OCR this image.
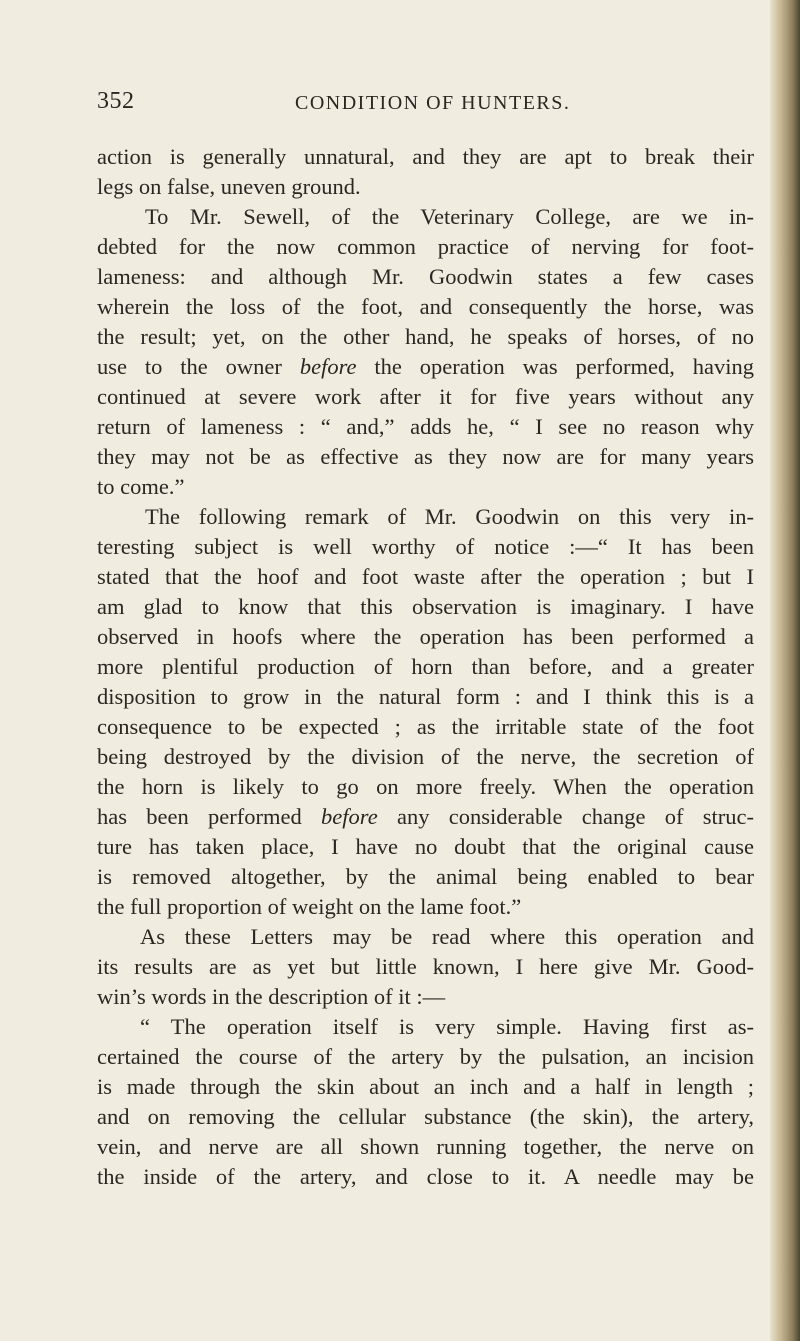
352	CONDITION OF HUNTERS.
action is generally unnatural, and they are apt to break their
legs on false, uneven ground.
To Mr. Sewell, of the Veterinary College, are we in-
debted for the now common practice of nerving for foot-
lameness: and although Mr. Goodwin states a few cases
wherein the loss of the foot, and consequently the horse, was
the result; yet, on the other hand, he speaks of horses, of no
use to the owner before the operation was performed, having
continued at severe work after it for five years without any
return of lameness : “ and,” adds he, “ I see no reason why
they may not be as effective as they now are for many years
to come.”
The following remark of Mr. Goodwin on this very in-
teresting subject is well worthy of notice :—“ It has been
stated that the hoof and foot waste after the operation ; but I
am glad to know that this observation is imaginary. I have
observed in hoofs where the operation has been performed a
more plentiful production of horn than before, and a greater
disposition to grow in the natural form : and I think this is a
consequence to be expected ; as the irritable state of the foot
being destroyed by the division of the nerve, the secretion of
the horn is likely to go on more freely. When the operation
has been performed before any considerable change of struc-
ture has taken place, I have no doubt that the original cause
is removed altogether, by the animal being enabled to bear
the full proportion of weight on the lame foot.”
As these Letters may be read where this operation and
its results are as yet but little known, I here give Mr. Good-
win’s words in the description of it :—
“ The operation itself is very simple. Having first as-
certained the course of the artery by the pulsation, an incision
is made through the skin about an inch and a half in length ;
and on removing the cellular substance (the skin), the artery,
vein, and nerve are all shown running together, the nerve on
the inside of the artery, and close to it. A needle may be
